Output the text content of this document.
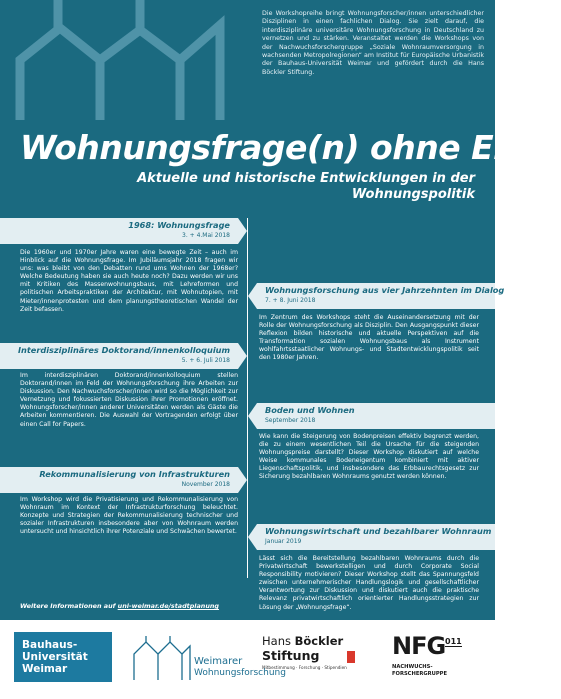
Die Workshopreihe bringt Wohnungsforscher/innen unterschiedlicher Disziplinen in einen fachlichen Dialog. Sie zielt darauf, die interdisziplinäre universitäre Wohnungsforschung in Deutschland zu vernetzen und zu stärken. Veranstaltet werden die Workshops von der Nachwuchsforschergruppe „Soziale Wohnraumversorgung in wachsenden Metropolregionen“ am Institut für Europäische Urbanistik der Bauhaus-Universität Weimar und gefördert durch die Hans Böckler Stiftung.
Wohnungsfrage(n) ohne Ende
Aktuelle und historische Entwicklungen in der Wohnungspolitik
1968: Wohnungsfrage
3. + 4.Mai 2018
Die 1960er und 1970er Jahre waren eine bewegte Zeit – auch im Hinblick auf die Wohnungsfrage. Im Jubiläumsjahr 2018 fragen wir uns: was bleibt von den Debatten rund ums Wohnen der 1968er? Welche Bedeutung haben sie auch heute noch? Dazu werden wir uns mit Kritiken des Massenwohnungsbaus, mit Lehreformen und politischen Arbeitspraktiken der Architektur, mit Wohnutopien, mit Mieter/innenprotesten und dem planungstheoretischen Wandel der Zeit befassen.
Wohnungsforschung aus vier Jahrzehnten im Dialog
7. + 8. Juni 2018
Im Zentrum des Workshops steht die Auseinandersetzung mit der Rolle der Wohnungsforschung als Disziplin. Den Ausgangspunkt dieser Reflexion bilden historische und aktuelle Perspektiven auf die Transformation sozialen Wohnungsbaus als Instrument wohlfahrtsstaatlicher Wohnungs- und Stadtentwicklungspolitik seit den 1980er Jahren.
Interdisziplinäres Doktorand/innenkolloquium
5. + 6. Juli 2018
Im interdisziplinären Doktorand/innenkolloquium stellen Doktorand/innen im Feld der Wohnungsforschung ihre Arbeiten zur Diskussion. Den Nachwuchsforscher/innen wird so die Möglichkeit zur Vernetzung und fokussierten Diskussion ihrer Promotionen eröffnet. Wohnungsforscher/innen anderer Universitäten werden als Gäste die Arbeiten kommentieren. Die Auswahl der Vortragenden erfolgt über einen Call for Papers.
Boden und Wohnen
September 2018
Wie kann die Steigerung von Bodenpreisen effektiv begrenzt werden, die zu einem wesentlichen Teil die Ursache für die steigenden Wohnungspreise darstellt? Dieser Workshop diskutiert auf welche Weise kommunales Bodeneigentum kombiniert mit aktiver Liegenschaftspolitik, und insbesondere das Erbbaurechtsgesetz zur Sicherung bezahlbaren Wohnraums genutzt werden können.
Rekommunalisierung von Infrastrukturen
November 2018
Im Workshop wird die Privatisierung und Rekommunalisierung von Wohnraum im Kontext der Infrastrukturforschung beleuchtet. Konzepte und Strategien der Rekommunalisierung technischer und sozialer Infrastrukturen insbesondere aber von Wohnraum werden untersucht und hinsichtlich ihrer Potenziale und Schwächen bewertet.	Wohnungswirtschaft und bezahlbarer Wohnraum
Januar 2019
Lässt sich die Bereitstellung bezahlbaren Wohnraums durch die Privatwirtschaft bewerkstelligen und durch Corporate Social Responsibility motivieren? Dieser Workshop stellt das Spannungsfeld zwischen unternehmerischer Handlungslogik und gesellschaftlicher Verantwortung zur Diskussion und diskutiert auch die praktische Relevanz privatwirtschaftlich orientierter Handlungsstrategien zur Lösung der „Wohnungsfrage“.
Weitere Informationen auf uni-weimar.de/stadtplanung
Bauhaus-
Universität
Weimar
Weimarer
Wohnungsforschung
Hans Böckler
Stiftung
Mitbestimmung · Forschung · Stipendien
NFG 011
NACHWUCHS-
FORSCHERGRUPPE
